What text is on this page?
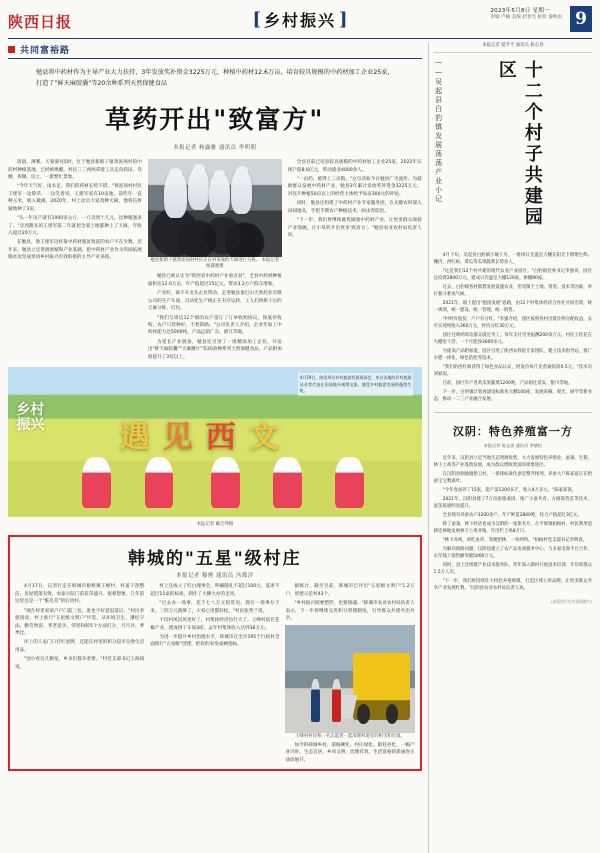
陕西日报	[ 乡村振兴 ]	2023年5月8日 星期一
责编 卢楠 美编 赵春光 校检 秦秋雨 9
共同富裕路
勉县将中药材作为主导产业大力扶持，3年发放奖补资金3225万元，种植中药材12.6万亩，培育较具规模的中药材加工企业25家，打造了"鲜天麻胶囊"等20余种系列天然保健食品
草药开出"致富方"
本报记者 杨露雅 通讯员 李明朝

清晨，薄雾。天蒙蒙亮5时，位于勉县新街子镇黄泥岗村的中药材种植基地，已经被唤醒。村民三三两两拿着工具走向药田，弯腰、挥锄、培土，一派繁忙景象。

"今年天气好，雨水足，我们的药材长势不错。"黄泥岗村村民王建军一边除草，一边笑着说。王建军家有10亩地，前些年一直种玉米，收入微薄。2020年，村上动员大家改种天麻，他将信将疑地种了3亩。

"头一年亩产就有1000多公斤，一斤卖到十几元，比种粮强多了。"尝到甜头的王建军第二年就把全部土地都种上了天麻，年收入超过20万元。

在勉县，像王建军这样靠中药材脱贫致富的农户不在少数。近年来，勉县立足资源禀赋和产业基础，把中药材产业作为巩固拓展脱贫攻坚成果同乡村振兴有效衔接的主导产业来抓。

勉县新街子镇黄泥岗村村民正在对采收的天麻进行分拣。 本报记者 杨露雅摄

勉县已被认定为"陕西省中药材产业重点县"，全县中药材种植面积达12.6万亩，年产值超过15亿元，带动3.2万户群众增收。

产业旺，离不开龙头企业带动。走进勉县秦巴山天然药业有限公司的生产车间，自动化生产线正在有序运转，工人们将烘干后的天麻分拣、打包。

"我们与周边12个镇的农户签订了订单收购协议，保底价收购，农户只管种好，不愁销路。"公司负责人介绍，企业年加工中药材能力达5000吨，产品远销广东、浙江等地。

为延长产业链条，勉县还引进了一批精深加工企业，开发出"鲜天麻胶囊""天麻精片"等20余种系列天然保健食品，产品附加值提升了3倍以上。

全县目前已培育较具规模的中药材加工企业25家，2022年实现产值8.6亿元，带动就业4000余人。

"一亩药，抵得上三亩粮。"这句话如今在勉县广为流传。为鼓励群众发展中药材产业，勉县3年累计发放奖补资金3225万元，对连片种植50亩以上的经营主体给予每亩300元的补贴。

同时，勉县还组建了中药材产业专家服务团，在关键农时深入田间地头，手把手教农户种植技术、病虫害防治。

"下一步，我们将继续做优做强中药材产业，让更多群众端稳产业饭碗，让小草药开出更多'致富方'。"勉县农业农村局负责人说。

乡村
振兴	遇 见 西 文
4月19日，陕西举办乡村旅游发展现场会，来自各地的乡村旅游从业者代表在田间地头观摩交流，感受乡村旅游发展的蓬勃生机。
本报记者 戴吉坤摄
韩城的"五星"级村庄
本报记者 穆骋 通讯员 冯都洋

4月17日，记者行走在韩城市板桥镇王峰村，村道干净整洁，房屋错落有致，农家小院门前花草盛开。很难想象，几年前这里还是一个"脏乱差"的后进村。

"现在村里家家户户门前三包，谁也不好意思落后。"村民李建国说，村上推行"五星级文明户"评选，从环境卫生、遵纪守法、勤劳致富、孝老爱亲、邻里和睦5个方面打分，月月评、季季比。

评上的人家门口挂红星牌，还能在村里的积分超市兑换生活用品。

"别小看这几颗星，乡亲们都争着要。"村党支部书记王海斌说。

村上还成立了红白理事会，明确随礼不超过100元、宴席不超过15桌的标准，刹住了大操大办的歪风。

"过去办一场事，花个七八万元很常见。现在一场事办下来，三四万元就够了，大家心里都轻松。"村民张秀兰说。

不仅村风民风变好了，村集体经济也壮大了。王峰村依托花椒产业，建成烘干车间3座，去年村集体收入达到38万元。

为进一步提升乡村治理水平，韩城市在全市195个行政村全面推行"五星级"创建，把软约束变成硬指标。

据统计，截至目前，韩城市已评出"五星级文明户"1.2万户，创建示范村43个。

"乡村振兴既要塑形，也要铸魂。"韩城市农业农村局负责人表示，下一步将继续完善积分管理制度，引导群众共建共治共享。

王峰村村民和一名志愿者一起清理村道旁的积雪和垃圾。

如今的韩城乡村，道路硬化、村庄绿化、街巷亮化，一幅产业兴旺、生态宜居、乡风文明、治理有效、生活富裕的新画卷正徐徐展开。

本报记者 厦罗平 通讯员 杨志春
——吴起县白豹镇发展荡荡产业小记	十二个村子共建园区

4月下旬，吴起县白豹镇小城子川，一排排日光温室大棚在阳光下熠熠生辉。棚内，西红柿、黄瓜等瓜果蔬菜长势喜人。

"这是我们12个村共建的现代农业产业园区。"白豹镇党委书记李强说，园区总投资2800万元，建成日光温室大棚120座、拱棚80座。

过去，白豹镇各村都想发展设施农业，但受限于土地、资金、技术等因素，单打独斗难成气候。

2021年，镇上提出"抱团发展"思路，由12个村集体经济合作社共同出资，统一规划、统一建设、统一管理、统一销售。

"村村有股份、户户有分红。"李强介绍，园区按照各村出资比例分配收益，去年实现纯收入360万元，村均分红30万元。

园区还吸纳周边群众就近务工，每年支付劳务报酬200余万元。村民王桂花在大棚里干活，一个月能挣3000多元。

为提高产品附加值，园区引进了陕西农科院专家团队，建立技术指导站，推广水肥一体化、绿色防控等技术。

"我们的西红柿获得了绿色食品认证，批发价每斤比普通的高0.5元。"技术员刘斌说。

目前，园区年产各类瓜果蔬菜1200吨，产品销往延安、银川等地。

下一步，白豹镇计划再建设标准化大棚100座，发展采摘、观光、研学等新业态，推动一二三产业融合发展。

汉阴：特色养殖富一方
本报记者 陈志清 通讯员 李德松

近年来，汉阴县立足当地生态资源优势，大力发展特色养殖业，蚕桑、生猪、林下土鸡等产业蓬勃发展，成为群众增收致富的重要途径。

在汉阴县涧池镇紫云村，一排排标准化蚕室整齐排列。养蚕大户陈家富正在给蚕宝宝喂桑叶。

"今年春蚕养了15张，能产茧1200多斤，收入4万多元。"陈家富说。

2021年，汉阴县建了7万亩密植桑园，推广小蚕共育、方格簇营茧等技术，蚕茧质量明显提升。

全县现有养蚕农户3200余户，年产鲜茧2800吨，综合产值超过3亿元。

除了蚕桑，林下经济也成为汉阴的一张新名片。在平梁镇柏杨村，村民利用退耕还林地发展林下土鸡养殖，年出栏土鸡8万只。

"林下养鸡，鸡吃虫草，粪便肥林，一举两得。"柏杨村党支部书记李明说。

为解决销路问题，汉阴县建立了农产品电商服务中心，与多家电商平台合作，去年线上销售额突破5000万元。

同时，县上还组建产业技术服务队，常年深入镇村开展技术培训，年培训群众1.5万人次。

"下一步，我们将持续壮大特色养殖规模，打造区域公用品牌，让更多群众共享产业发展红利。"汉阴县农业农村局负责人说。

(本版图片均为资料照片)
